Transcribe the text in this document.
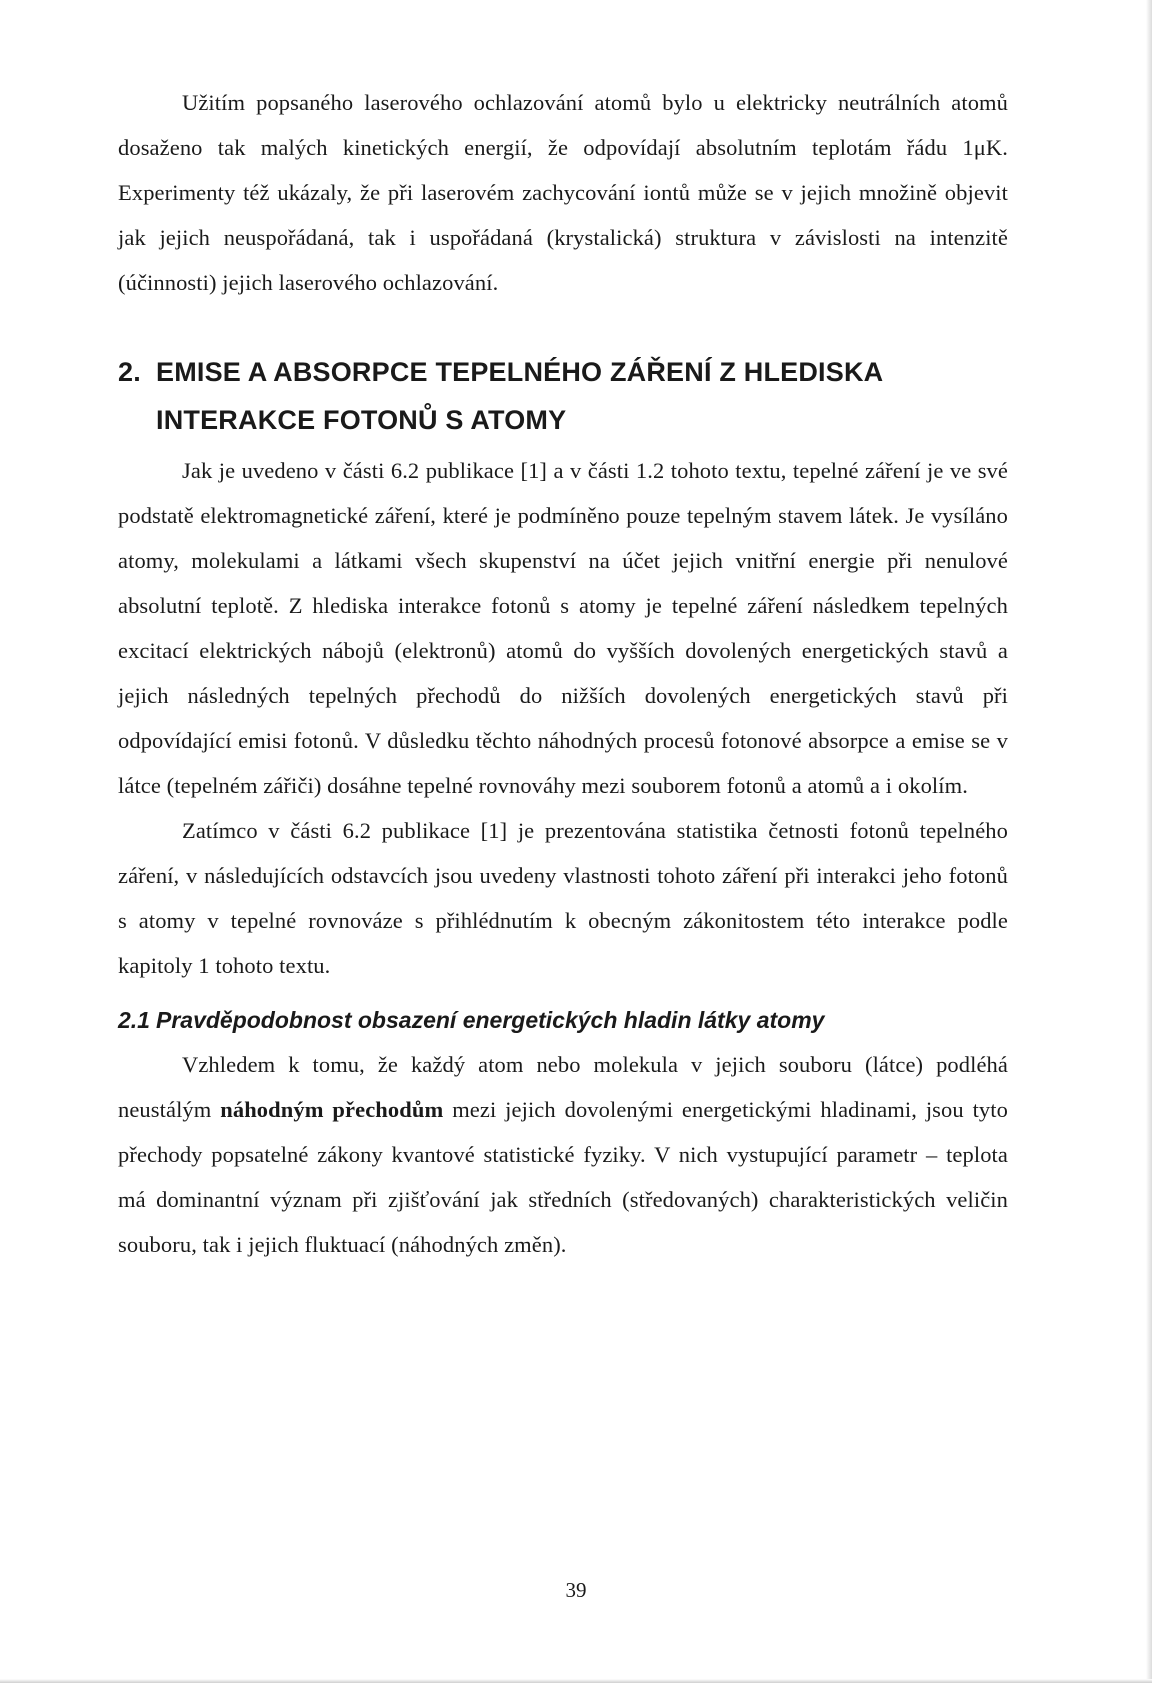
Užitím popsaného laserového ochlazování atomů bylo u elektricky neutrálních atomů dosaženo tak malých kinetických energií, že odpovídají absolutním teplotám řádu 1μK. Experimenty též ukázaly, že při laserovém zachycování iontů může se v jejich množině objevit jak jejich neuspořádaná, tak i uspořádaná (krystalická) struktura v závislosti na intenzitě (účinnosti) jejich laserového ochlazování.

2. EMISE A ABSORPCE TEPELNÉHO ZÁŘENÍ Z HLEDISKA
INTERAKCE FOTONŮ S ATOMY

Jak je uvedeno v části 6.2 publikace [1] a v části 1.2 tohoto textu, tepelné záření je ve své podstatě elektromagnetické záření, které je podmíněno pouze tepelným stavem látek. Je vysíláno atomy, molekulami a látkami všech skupenství na účet jejich vnitřní energie při nenulové absolutní teplotě. Z hlediska interakce fotonů s atomy je tepelné záření následkem tepelných excitací elektrických nábojů (elektronů) atomů do vyšších dovolených energetických stavů a jejich následných tepelných přechodů do nižších dovolených energetických stavů při odpovídající emisi fotonů. V důsledku těchto náhodných procesů fotonové absorpce a emise se v látce (tepelném zářiči) dosáhne tepelné rovnováhy mezi souborem fotonů a atomů a i okolím.

Zatímco v části 6.2 publikace [1] je prezentována statistika četnosti fotonů tepelného záření, v následujících odstavcích jsou uvedeny vlastnosti tohoto záření při interakci jeho fotonů s atomy v tepelné rovnováze s přihlédnutím k obecným zákonitostem této interakce podle kapitoly 1 tohoto textu.

2.1 Pravděpodobnost obsazení energetických hladin látky atomy

Vzhledem k tomu, že každý atom nebo molekula v jejich souboru (látce) podléhá neustálým náhodným přechodům mezi jejich dovolenými energetickými hladinami, jsou tyto přechody popsatelné zákony kvantové statistické fyziky. V nich vystupující parametr – teplota má dominantní význam při zjišťování jak středních (středovaných) charakteristických veličin souboru, tak i jejich fluktuací (náhodných změn).

39
